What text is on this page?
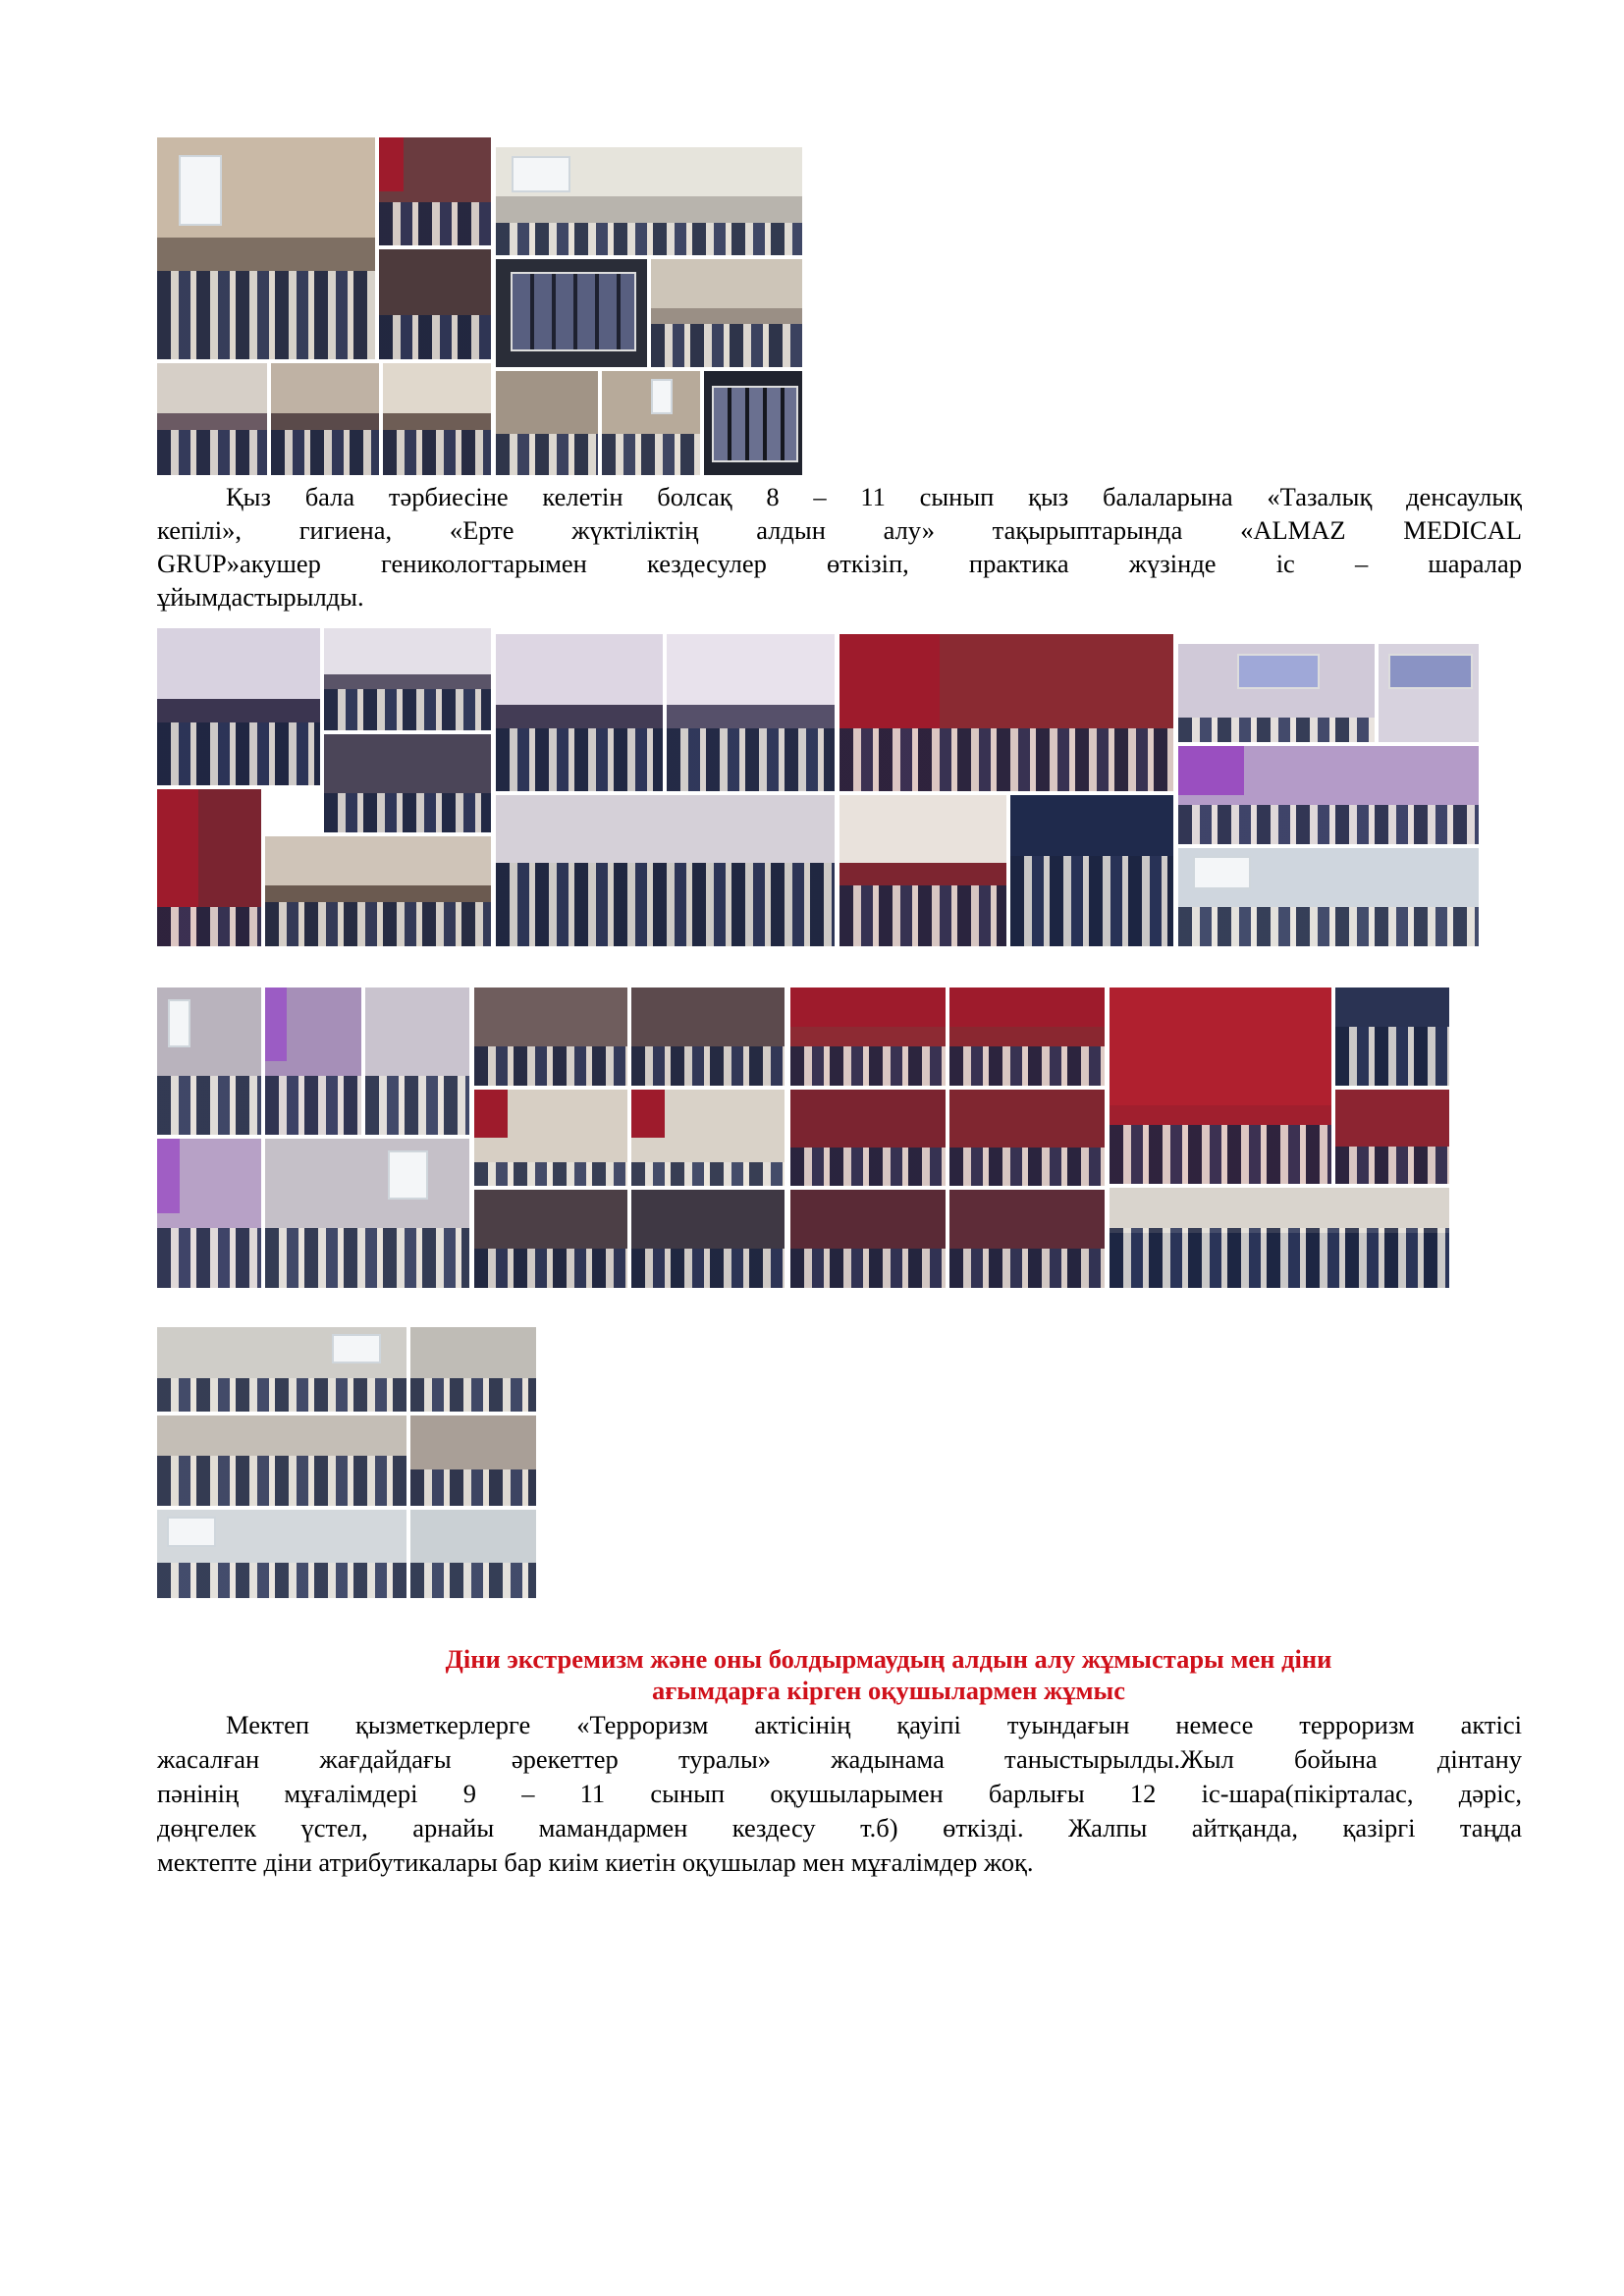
Қыз бала тәрбиесіне келетін болсақ 8 – 11 сынып қыз балаларына «Тазалық денсаулық

кепілі», гигиена, «Ерте жүктіліктің алдын алу» тақырыптарында «ALMAZ MEDICAL

GRUP»акушер геникологтарымен кездесулер өткізіп, практика жүзінде іс – шаралар

ұйымдастырылды.

Діни экстремизм және оны болдырмаудың алдын алу жұмыстары мен діни

ағымдарға кірген оқушылармен жұмыс

Мектеп қызметкерлерге «Терроризм актісінің қауіпі туындағын немесе терроризм актісі

жасалған жағдайдағы әрекеттер туралы» жадынама таныстырылды.Жыл бойына дінтану

пәнінің мұғалімдері 9 – 11 сынып оқушыларымен барлығы 12 іс-шара(пікірталас, дәріс,

дөңгелек үстел, арнайы мамандармен кездесу т.б) өткізді. Жалпы айтқанда, қазіргі таңда

мектепте діни атрибутикалары бар киім киетін оқушылар мен мұғалімдер жоқ.
